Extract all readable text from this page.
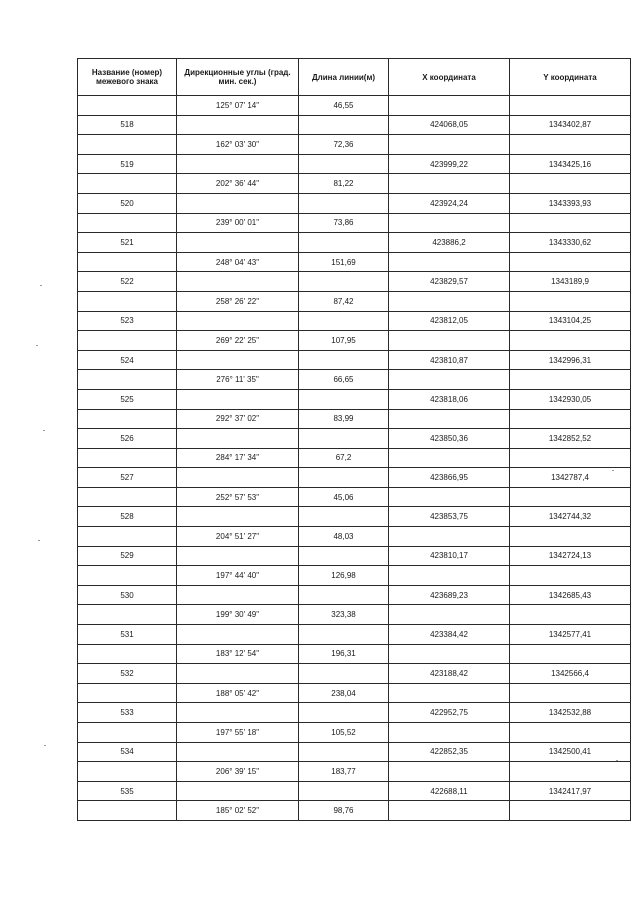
Название (номер) межевого знака	Дирекционные углы (град. мин. сек.)	Длина линии(м)	X координата	Y координата
	125° 07' 14"	46,55		
518			424068,05	1343402,87
	162° 03' 30"	72,36		
519			423999,22	1343425,16
	202° 36' 44"	81,22		
520			423924,24	1343393,93
	239° 00' 01"	73,86		
521			423886,2	1343330,62
	248° 04' 43"	151,69		
522			423829,57	1343189,9
	258° 26' 22"	87,42		
523			423812,05	1343104,25
	269° 22' 25"	107,95		
524			423810,87	1342996,31
	276° 11' 35"	66,65		
525			423818,06	1342930,05
	292° 37' 02"	83,99		
526			423850,36	1342852,52
	284° 17' 34"	67,2		
527			423866,95	1342787,4
	252° 57' 53"	45,06		
528			423853,75	1342744,32
	204° 51' 27"	48,03		
529			423810,17	1342724,13
	197° 44' 40"	126,98		
530			423689,23	1342685,43
	199° 30' 49"	323,38		
531			423384,42	1342577,41
	183° 12' 54"	196,31		
532			423188,42	1342566,4
	188° 05' 42"	238,04		
533			422952,75	1342532,88
	197° 55' 18"	105,52		
534			422852,35	1342500,41
	206° 39' 15"	183,77		
535			422688,11	1342417,97
	185° 02' 52"	98,76		
